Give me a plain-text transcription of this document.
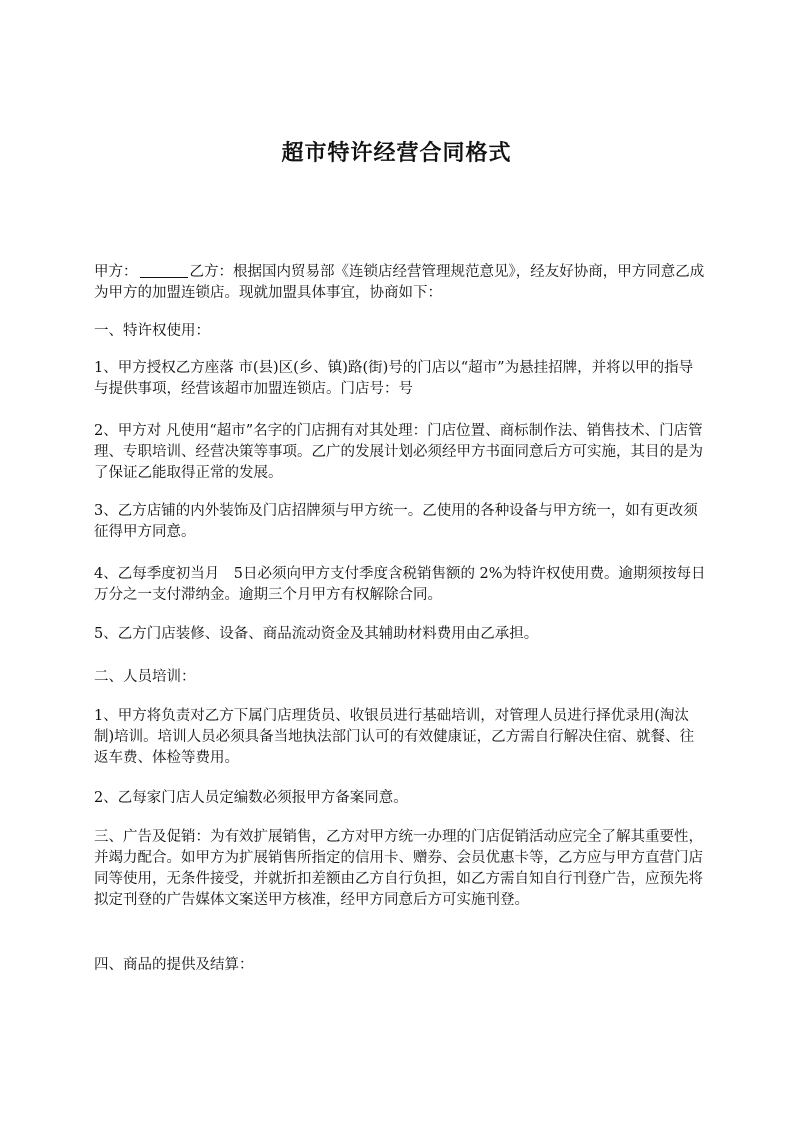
超市特许经营合同格式

甲方：	乙方：根据国内贸易部《连锁店经营管理规范意见》，经友好协商，甲方同意乙成为甲方的加盟连锁店。现就加盟具体事宜，协商如下：

一、特许权使用：

1、甲方授权乙方座落 市(县)区(乡、镇)路(街)号的门店以“超市”为悬挂招牌，并将以甲的指导与提供事项，经营该超市加盟连锁店。门店号：号

2、甲方对 凡使用“超市”名字的门店拥有对其处理：门店位置、商标制作法、销售技术、门店管理、专职培训、经营决策等事项。乙广的发展计划必须经甲方书面同意后方可实施，其目的是为了保证乙能取得正常的发展。

3、乙方店铺的内外装饰及门店招牌须与甲方统一。乙使用的各种设备与甲方统一，如有更改须征得甲方同意。

4、乙每季度初当月　5日必须向甲方支付季度含税销售额的 2%为特许权使用费。逾期须按每日万分之一支付滞纳金。逾期三个月甲方有权解除合同。

5、乙方门店装修、设备、商品流动资金及其辅助材料费用由乙承担。

二、人员培训：

1、甲方将负责对乙方下属门店理货员、收银员进行基础培训，对管理人员进行择优录用(淘汰制)培训。培训人员必须具备当地执法部门认可的有效健康证，乙方需自行解决住宿、就餐、往返车费、体检等费用。

2、乙每家门店人员定编数必须报甲方备案同意。

三、广告及促销：为有效扩展销售，乙方对甲方统一办理的门店促销活动应完全了解其重要性，并竭力配合。如甲方为扩展销售所指定的信用卡、赠券、会员优惠卡等，乙方应与甲方直营门店同等使用，无条件接受，并就折扣差额由乙方自行负担，如乙方需自知自行刊登广告，应预先将拟定刊登的广告媒体文案送甲方核准，经甲方同意后方可实施刊登。

四、商品的提供及结算：
